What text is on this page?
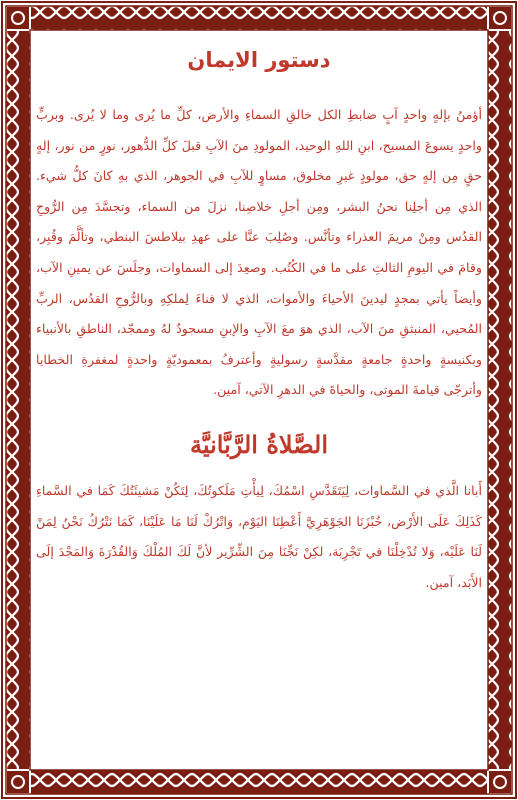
دستور الايمان
أؤمنُ بإلهٍ واحدٍ آبٍ ضابطِ الكل خالقِ السماءِ والأرض، كلِّ ما يُرى وما لا يُرى. وبربٍّ واحدٍ يسوعَ المسيح، ابنِ اللهِ الوحيد، المولودِ منَ الآبِ قبلَ كلِّ الدُّهور، نورٍ من نور، إلهٍ حقٍ مِن إلهٍ حق، مولودٍ غيرِ مخلوق، مساوٍ للآبِ في الجوهر، الذي بهِ كانَ كلُّ شيء. الذي مِن أجلِنا نحنُ البشر، ومِن أجلِ خلاصِنا، نزلَ من السماء، وتجسَّدَ مِن الرُّوحِ القدُس ومِنْ مريمَ العذراء وتأنَّس. وصُلِبَ عنَّا على عهدِ بيلاطسَ البنطي، وتألَّمَ وقُبِر، وقامَ في اليومِ الثالثِ على ما في الكُتُب. وصعِدَ إلى السماوات، وجلَسَ عن يمينِ الآب، وأيضاً يأتي بمجدٍ ليدينَ الأحياءَ والأموات، الذي لا فناءَ لِملكِهِ وبالرُّوحِ القدُس، الربِّ المُحيي، المنبثقِ منَ الآب، الذي هوَ معَ الآبِ والإبنِ مسجودٌ لهُ وممجّد، الناطقِ بالأنبياء وبكنيسةٍ واحدةٍ جامعةٍ مقدَّسةٍ رسوليةٍ وأعترفُ بمعموديّةٍ واحدةٍ لمغفرةِ الخطايا وأترجّى قيامةَ الموتى، والحياةَ في الدهرِ الآتي، آمين.
الصَّلاةُ الرَّبَّانيَّة
أَبانا الَّذي في السَّماوات، لِيَتَقَدَّسِ اسْمُكَ، لِيأْتِ مَلَكوتُكَ، لِتَكُنْ مَشيئَتُكَ كَمَا في السَّماءِ كَذَلِكَ عَلَى الأَرْض، خُبْزَنَا الجَوْهَرِيَّ أَعْطِنَا اليَوْم، وَاتْرُكْ لَنَا مَا عَلَيْنَا، كَمَا نَتْرُكُ نَحْنُ لِمَنْ لَنَا عَلَيْه، وَلا تُدْخِلْنَا في تَجْرِبَة، لكِنْ نَجِّنَا مِنَ الشِّرِّير لأنَّ لَكَ المُلْكَ وَالقُدْرَةَ وَالمَجْدَ إلَى الأَبَد، آمين.
